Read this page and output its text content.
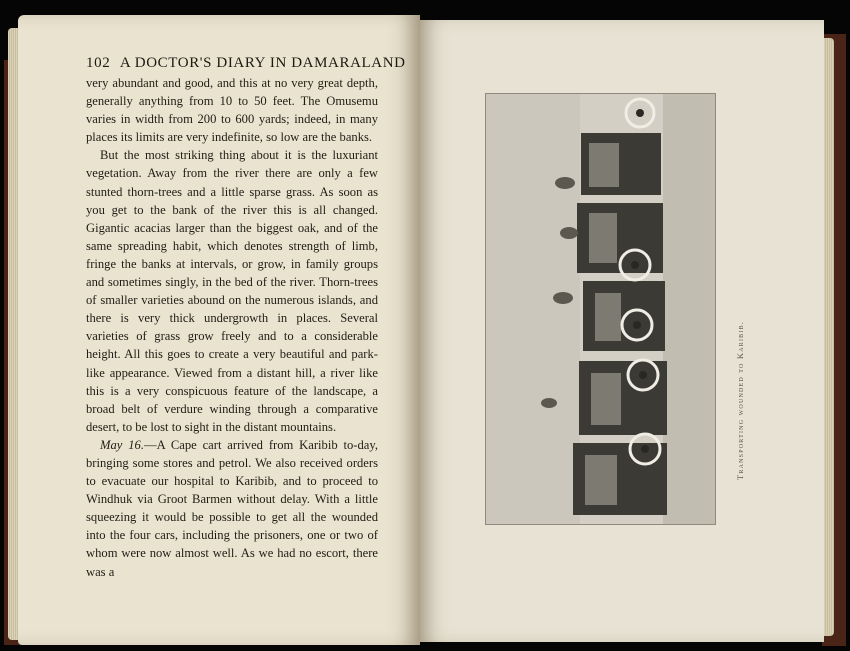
102 A DOCTOR'S DIARY IN DAMARALAND

very abundant and good, and this at no very great depth, generally anything from 10 to 50 feet. The Omusemu varies in width from 200 to 600 yards; indeed, in many places its limits are very indefinite, so low are the banks.

But the most striking thing about it is the luxuriant vegetation. Away from the river there are only a few stunted thorn-trees and a little sparse grass. As soon as you get to the bank of the river this is all changed. Gigantic acacias larger than the biggest oak, and of the same spreading habit, which denotes strength of limb, fringe the banks at intervals, or grow, in family groups and sometimes singly, in the bed of the river. Thorn-trees of smaller varieties abound on the numerous islands, and there is very thick undergrowth in places. Several varieties of grass grow freely and to a considerable height. All this goes to create a very beautiful and park-like appearance. Viewed from a distant hill, a river like this is a very conspicuous feature of the landscape, a broad belt of verdure winding through a comparative desert, to be lost to sight in the distant mountains.

May 16.—A Cape cart arrived from Karibib to-day, bringing some stores and petrol. We also received orders to evacuate our hospital to Karibib, and to proceed to Windhuk via Groot Barmen without delay. With a little squeezing it would be possible to get all the wounded into the four cars, including the prisoners, one or two of whom were now almost well. As we had no escort, there was a

Transporting wounded to Karibib.
